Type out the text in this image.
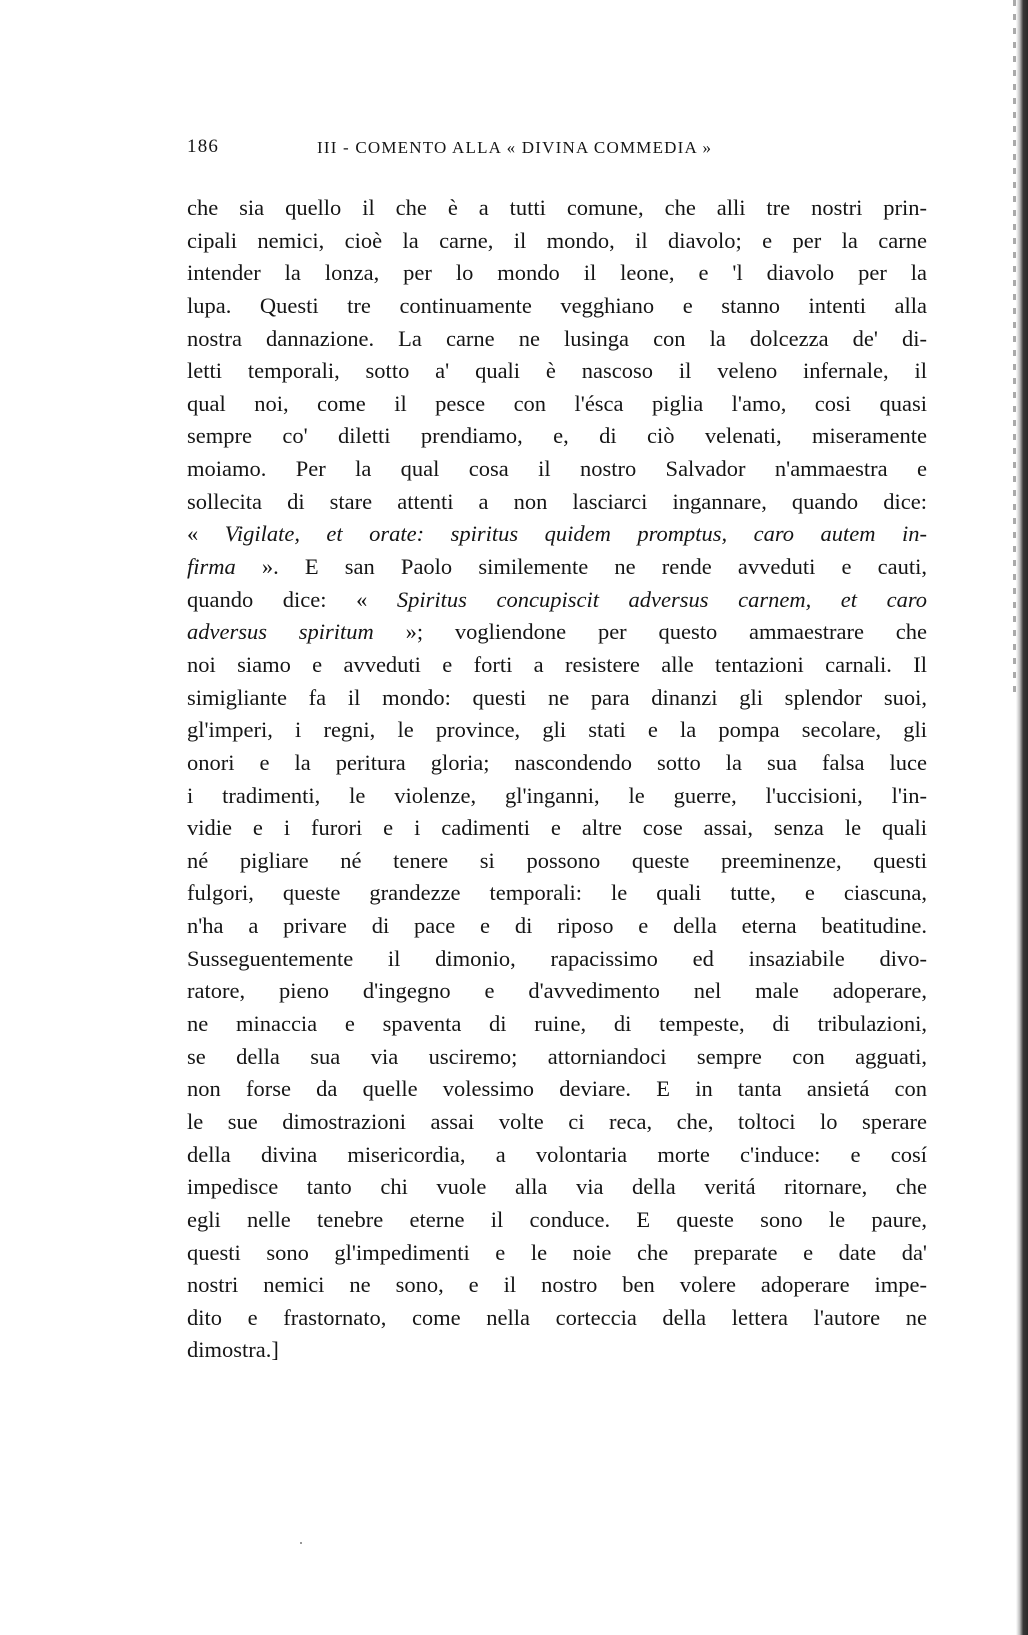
186	III - COMENTO ALLA « DIVINA COMMEDIA »
che sia quello il che è a tutti comune, che alli tre nostri prin-
cipali nemici, cioè la carne, il mondo, il diavolo; e per la carne
intender la lonza, per lo mondo il leone, e 'l diavolo per la
lupa. Questi tre continuamente vegghiano e stanno intenti alla
nostra dannazione. La carne ne lusinga con la dolcezza de' di-
letti temporali, sotto a' quali è nascoso il veleno infernale, il
qual noi, come il pesce con l'ésca piglia l'amo, cosi quasi
sempre co' diletti prendiamo, e, di ciò velenati, miseramente
moiamo. Per la qual cosa il nostro Salvador n'ammaestra e
sollecita di stare attenti a non lasciarci ingannare, quando dice:
« Vigilate, et orate: spiritus quidem promptus, caro autem in-
firma ». E san Paolo similemente ne rende avveduti e cauti,
quando dice: « Spiritus concupiscit adversus carnem, et caro
adversus spiritum »; vogliendone per questo ammaestrare che
noi siamo e avveduti e forti a resistere alle tentazioni carnali. Il
simigliante fa il mondo: questi ne para dinanzi gli splendor suoi,
gl'imperi, i regni, le province, gli stati e la pompa secolare, gli
onori e la peritura gloria; nascondendo sotto la sua falsa luce
i tradimenti, le violenze, gl'inganni, le guerre, l'uccisioni, l'in-
vidie e i furori e i cadimenti e altre cose assai, senza le quali
né pigliare né tenere si possono queste preeminenze, questi
fulgori, queste grandezze temporali: le quali tutte, e ciascuna,
n'ha a privare di pace e di riposo e della eterna beatitudine.
Susseguentemente il dimonio, rapacissimo ed insaziabile divo-
ratore, pieno d'ingegno e d'avvedimento nel male adoperare,
ne minaccia e spaventa di ruine, di tempeste, di tribulazioni,
se della sua via usciremo; attorniandoci sempre con agguati,
non forse da quelle volessimo deviare. E in tanta ansietá con
le sue dimostrazioni assai volte ci reca, che, toltoci lo sperare
della divina misericordia, a volontaria morte c'induce: e cosí
impedisce tanto chi vuole alla via della veritá ritornare, che
egli nelle tenebre eterne il conduce. E queste sono le paure,
questi sono gl'impedimenti e le noie che preparate e date da'
nostri nemici ne sono, e il nostro ben volere adoperare impe-
dito e frastornato, come nella corteccia della lettera l'autore ne
dimostra.]
